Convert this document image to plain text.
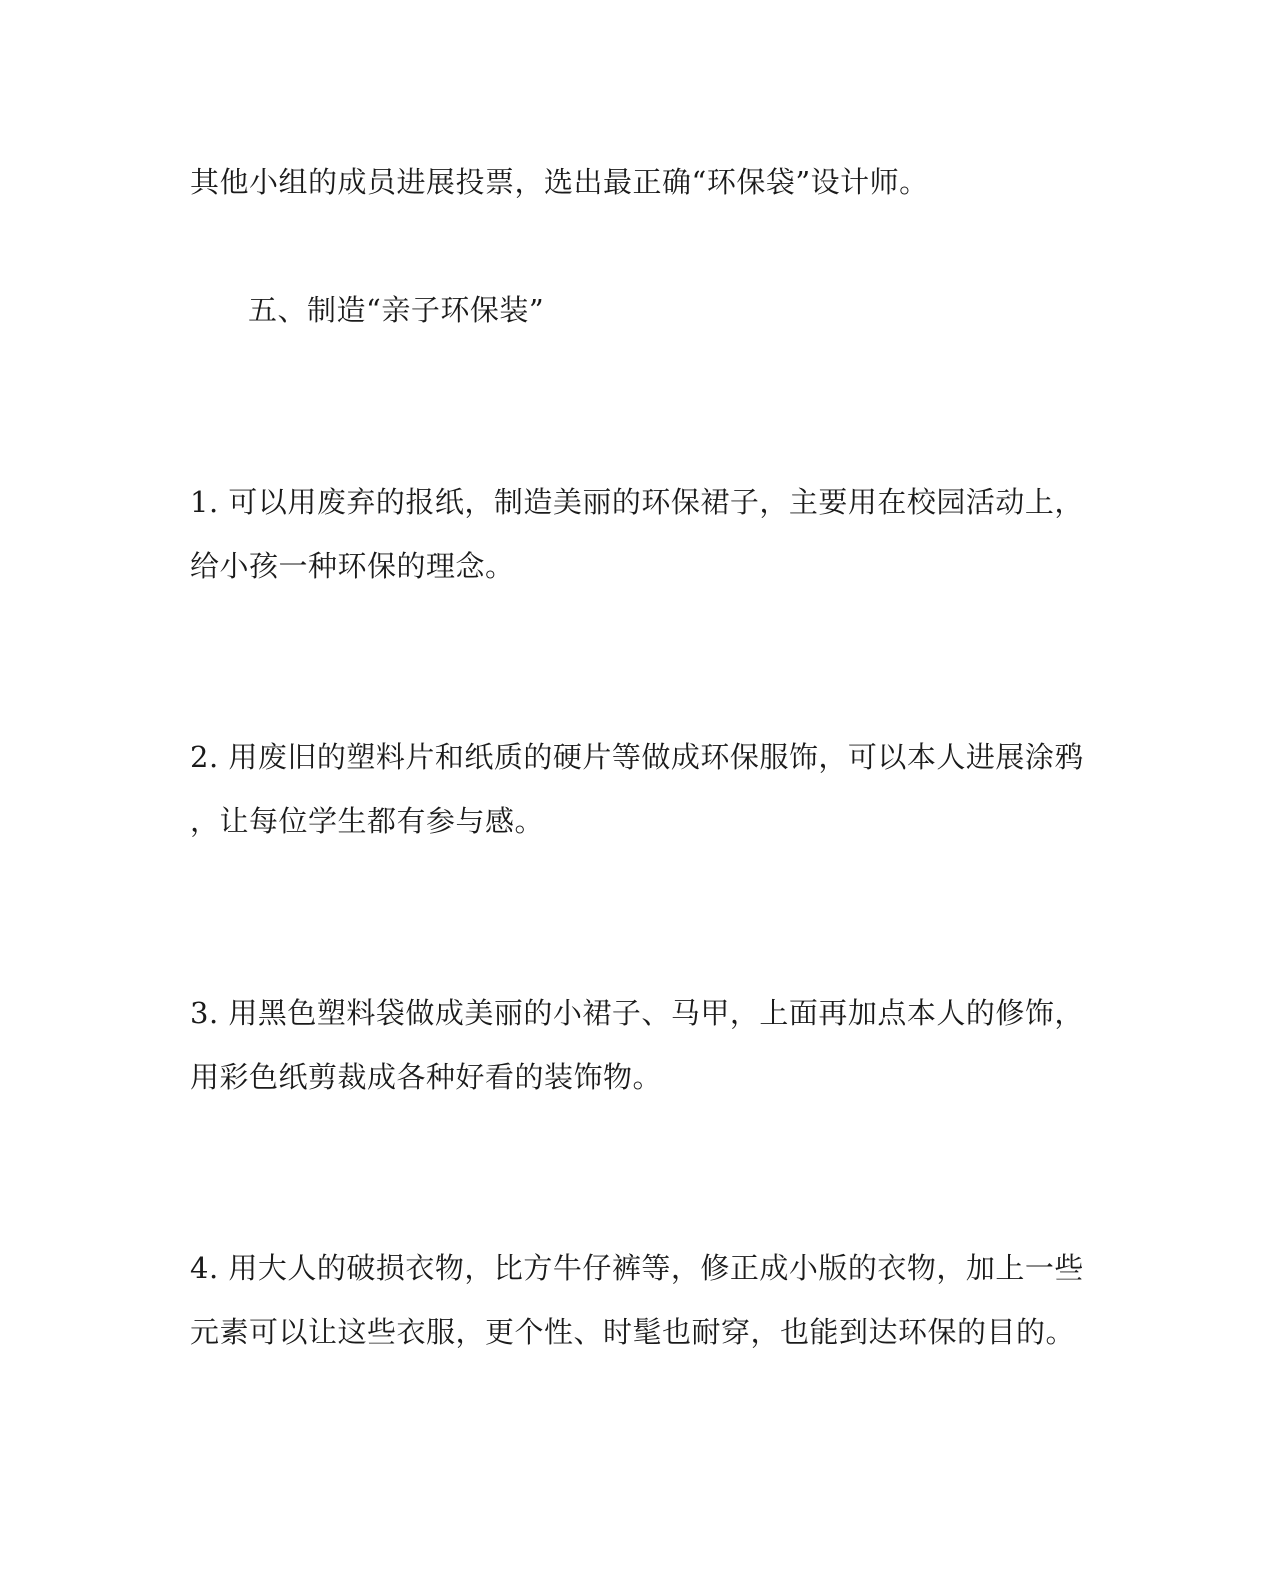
其他小组的成员进展投票，选出最正确“环保袋”设计师。
五、制造“亲子环保装”
1. 可以用废弃的报纸，制造美丽的环保裙子，主要用在校园活动上，
给小孩一种环保的理念。
2. 用废旧的塑料片和纸质的硬片等做成环保服饰，可以本人进展涂鸦
，让每位学生都有参与感。
3. 用黑色塑料袋做成美丽的小裙子、马甲，上面再加点本人的修饰，
用彩色纸剪裁成各种好看的装饰物。
4. 用大人的破损衣物，比方牛仔裤等，修正成小版的衣物，加上一些
元素可以让这些衣服，更个性、时髦也耐穿，也能到达环保的目的。
